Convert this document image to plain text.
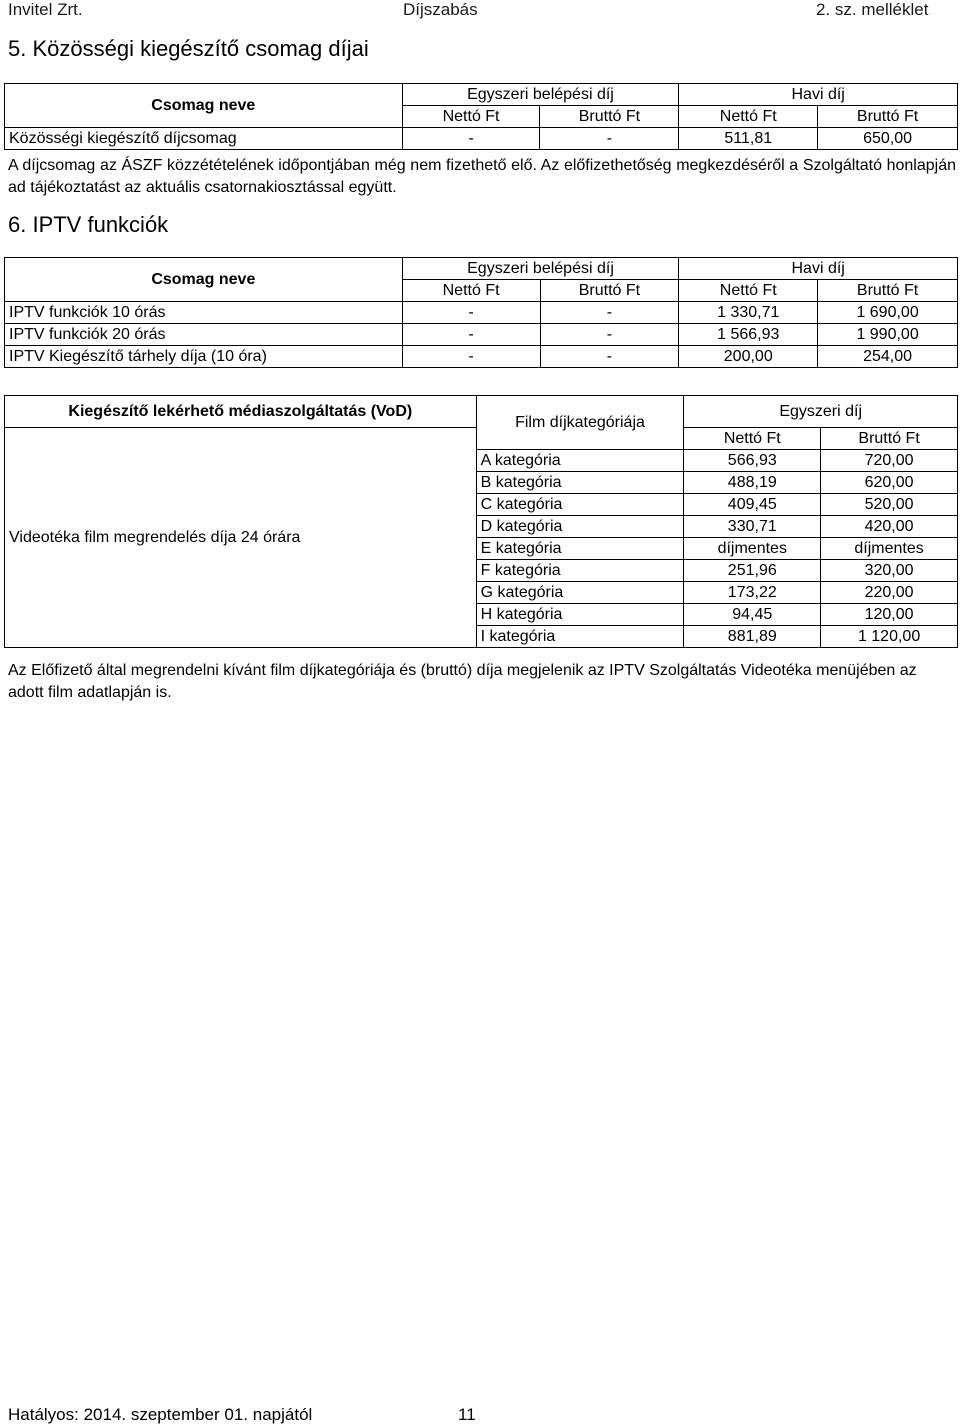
Invitel Zrt.	Díjszabás	2. sz. melléklet
5. Közösségi kiegészítő csomag díjai
Csomag neve	Egyszeri belépési díj		Havi díj	
	Nettó Ft	Bruttó Ft	Nettó Ft	Bruttó Ft
Közösségi kiegészítő díjcsomag	-	-	511,81	650,00
A díjcsomag az ÁSZF közzétételének időpontjában még nem fizethető elő. Az előfizethetőség megkezdéséről a Szolgáltató honlapján ad tájékoztatást az aktuális csatornakiosztással együtt.
6. IPTV funkciók
Csomag neve	Egyszeri belépési díj		Havi díj	
	Nettó Ft	Bruttó Ft	Nettó Ft	Bruttó Ft
IPTV funkciók 10 órás	-	-	1 330,71	1 690,00
IPTV funkciók 20 órás	-	-	1 566,93	1 990,00
IPTV Kiegészítő tárhely díja (10 óra)	-	-	200,00	254,00
Kiegészítő lekérhető médiaszolgáltatás (VoD)	Film díjkategóriája	Egyszeri díj	

Videotéka film megrendelés díja 24 órára		Nettó Ft	Bruttó Ft
	A kategória	566,93	720,00
	B kategória	488,19	620,00
	C kategória	409,45	520,00
	D kategória	330,71	420,00
	E kategória	díjmentes	díjmentes
	F kategória	251,96	320,00
	G kategória	173,22	220,00
	H kategória	94,45	120,00
	I kategória	881,89	1 120,00
Az Előfizető által megrendelni kívánt film díjkategóriája és (bruttó) díja megjelenik az IPTV Szolgáltatás Videotéka menüjében az adott film adatlapján is.
Hatályos: 2014. szeptember 01. napjától	11
